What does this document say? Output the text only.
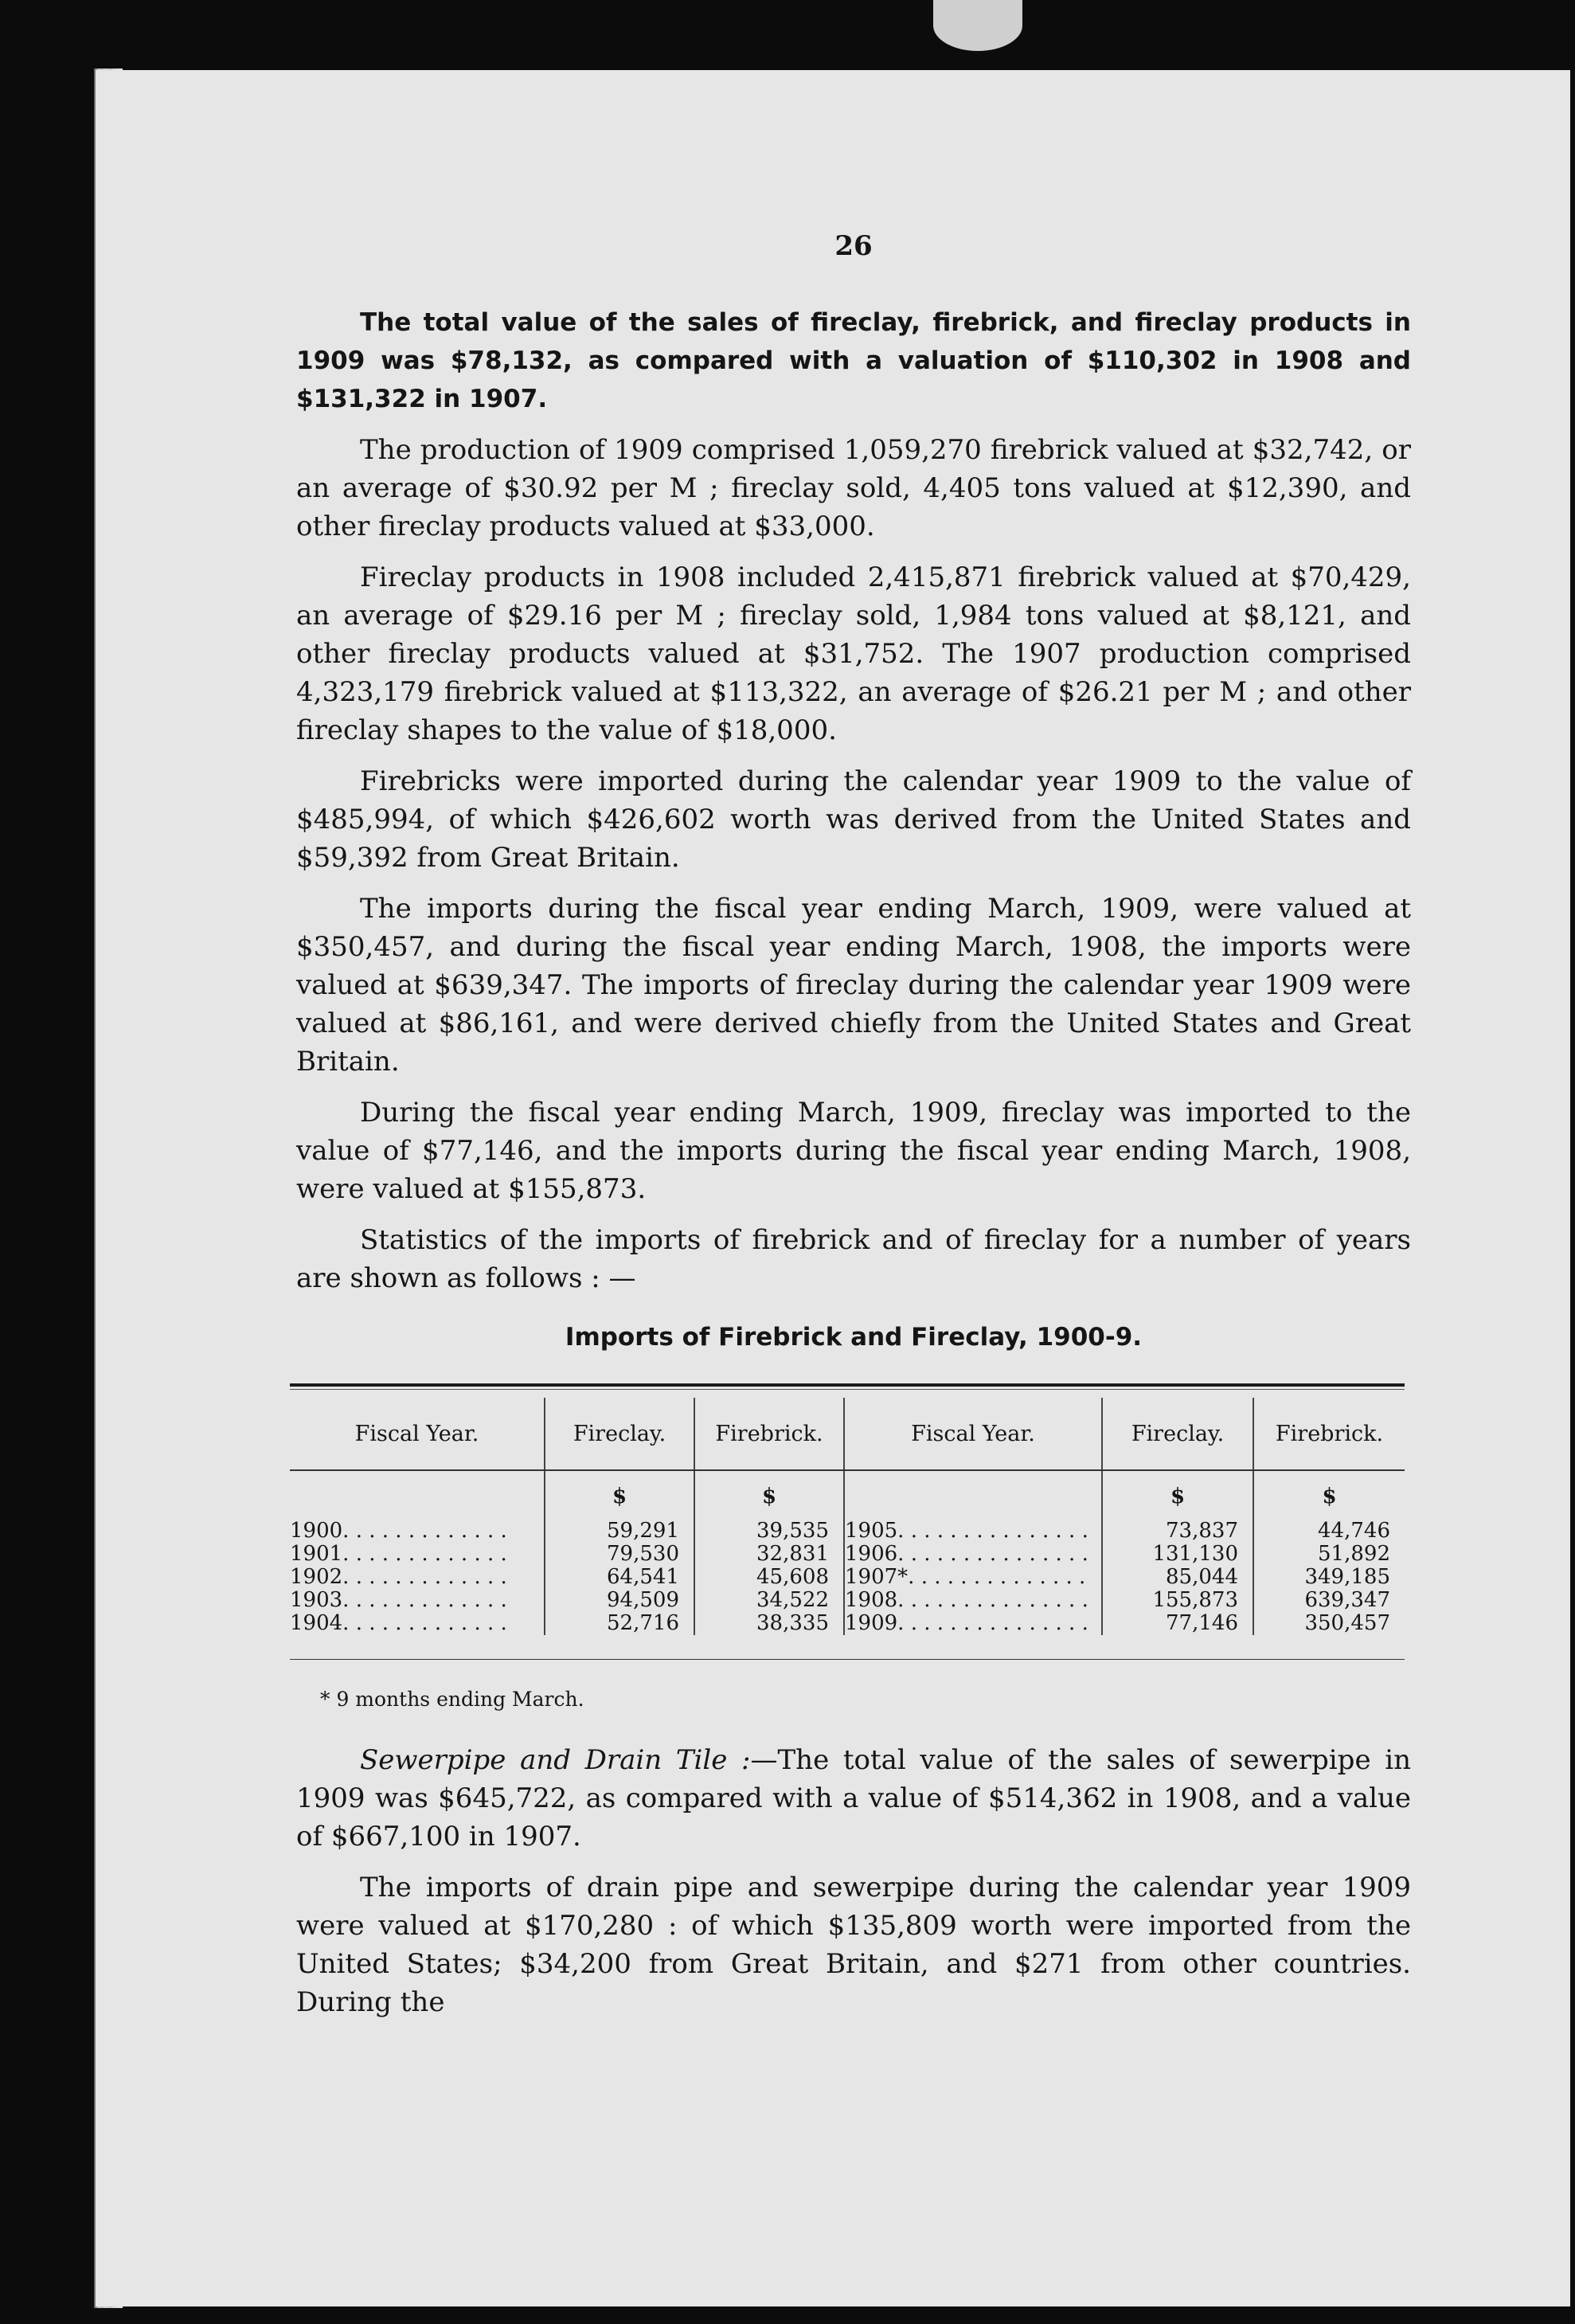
26

The total value of the sales of fireclay, firebrick, and fireclay products in 1909 was $78,132, as compared with a valuation of $110,302 in 1908 and $131,322 in 1907.

The production of 1909 comprised 1,059,270 firebrick valued at $32,742, or an average of $30.92 per M ; fireclay sold, 4,405 tons valued at $12,390, and other fireclay products valued at $33,000.

Fireclay products in 1908 included 2,415,871 firebrick valued at $70,429, an average of $29.16 per M ; fireclay sold, 1,984 tons valued at $8,121, and other fireclay products valued at $31,752. The 1907 production comprised 4,323,179 firebrick valued at $113,322, an average of $26.21 per M ; and other fireclay shapes to the value of $18,000.

Firebricks were imported during the calendar year 1909 to the value of $485,994, of which $426,602 worth was derived from the United States and $59,392 from Great Britain.

The imports during the fiscal year ending March, 1909, were valued at $350,457, and during the fiscal year ending March, 1908, the imports were valued at $639,347. The imports of fireclay during the calendar year 1909 were valued at $86,161, and were derived chiefly from the United States and Great Britain.

During the fiscal year ending March, 1909, fireclay was imported to the value of $77,146, and the imports during the fiscal year ending March, 1908, were valued at $155,873.

Statistics of the imports of firebrick and of fireclay for a number of years are shown as follows : —

Imports of Firebrick and Fireclay, 1900-9.
Fiscal Year.	Fireclay.	Firebrick.	Fiscal Year.	Fireclay.	Firebrick.
	$	$		$	$
1900. . . . . . . . . . . . .	59,291	39,535	1905. . . . . . . . . . . . . . .	73,837	44,746
1901. . . . . . . . . . . . .	79,530	32,831	1906. . . . . . . . . . . . . . .	131,130	51,892
1902. . . . . . . . . . . . .	64,541	45,608	1907*. . . . . . . . . . . . . .	85,044	349,185
1903. . . . . . . . . . . . .	94,509	34,522	1908. . . . . . . . . . . . . . .	155,873	639,347
1904. . . . . . . . . . . . .	52,716	38,335	1909. . . . . . . . . . . . . . .	77,146	350,457

* 9 months ending March.

Sewerpipe and Drain Tile :—The total value of the sales of sewerpipe in 1909 was $645,722, as compared with a value of $514,362 in 1908, and a value of $667,100 in 1907.

The imports of drain pipe and sewerpipe during the calendar year 1909 were valued at $170,280 : of which $135,809 worth were imported from the United States; $34,200 from Great Britain, and $271 from other countries. During the
